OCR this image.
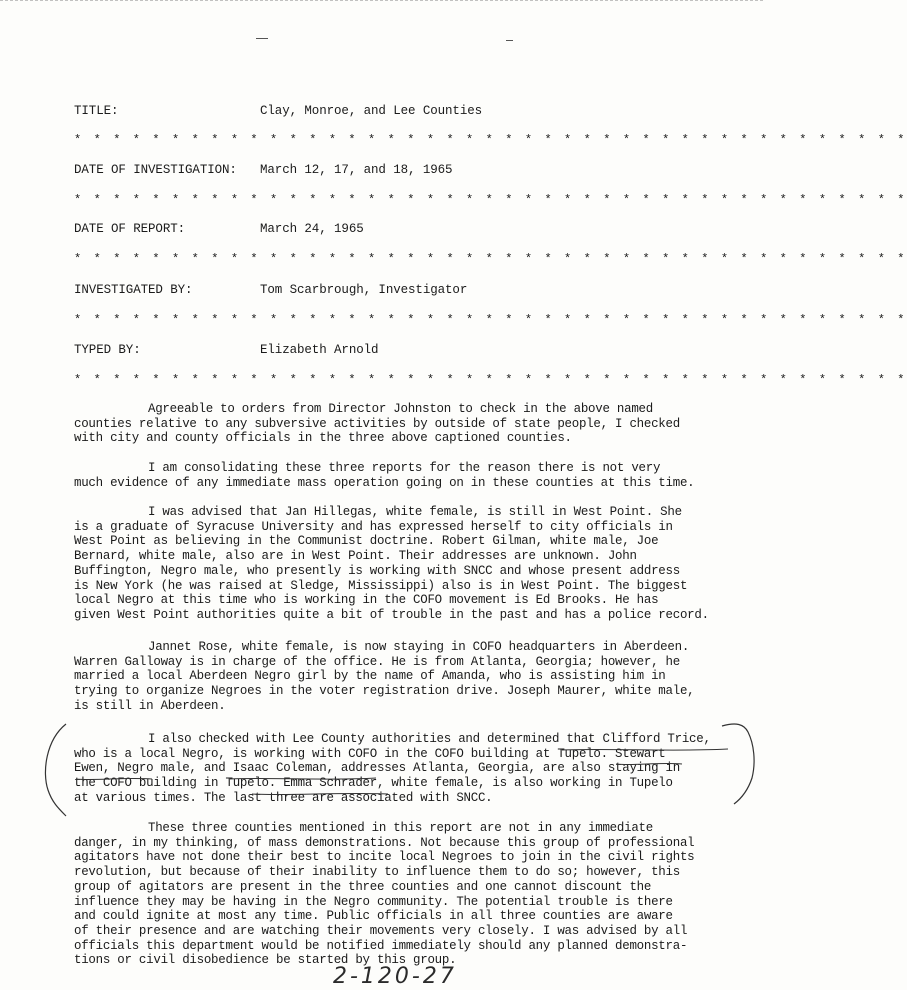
TITLE:	Clay, Monroe, and Lee Counties
* * * * * * * * * * * * * * * * * * * * * * * * * * * * * * * * * * * * * * * * * * *
DATE OF INVESTIGATION: March 12, 17, and 18, 1965
* * * * * * * * * * * * * * * * * * * * * * * * * * * * * * * * * * * * * * * * * * *
DATE OF REPORT:	March 24, 1965
* * * * * * * * * * * * * * * * * * * * * * * * * * * * * * * * * * * * * * * * * * *
INVESTIGATED BY:	Tom Scarbrough, Investigator
* * * * * * * * * * * * * * * * * * * * * * * * * * * * * * * * * * * * * * * * * * *
TYPED BY:	Elizabeth Arnold
* * * * * * * * * * * * * * * * * * * * * * * * * * * * * * * * * * * * * * * * * * *
Agreeable to orders from Director Johnston to check in the above named
counties relative to any subversive activities by outside of state people, I checked
with city and county officials in the three above captioned counties.
I am consolidating these three reports for the reason there is not very
much evidence of any immediate mass operation going on in these counties at this time.
I was advised that Jan Hillegas, white female, is still in West Point. She
is a graduate of Syracuse University and has expressed herself to city officials in
West Point as believing in the Communist doctrine. Robert Gilman, white male, Joe
Bernard, white male, also are in West Point. Their addresses are unknown. John
Buffington, Negro male, who presently is working with SNCC and whose present address
is New York (he was raised at Sledge, Mississippi) also is in West Point. The biggest
local Negro at this time who is working in the COFO movement is Ed Brooks. He has
given West Point authorities quite a bit of trouble in the past and has a police record.
Jannet Rose, white female, is now staying in COFO headquarters in Aberdeen.
Warren Galloway is in charge of the office. He is from Atlanta, Georgia; however, he
married a local Aberdeen Negro girl by the name of Amanda, who is assisting him in
trying to organize Negroes in the voter registration drive. Joseph Maurer, white male,
is still in Aberdeen.
I also checked with Lee County authorities and determined that Clifford Trice,
who is a local Negro, is working with COFO in the COFO building at Tupelo. Stewart
Ewen, Negro male, and Isaac Coleman, addresses Atlanta, Georgia, are also staying in
the COFO building in Tupelo. Emma Schrader, white female, is also working in Tupelo
at various times. The last three are associated with SNCC.
These three counties mentioned in this report are not in any immediate
danger, in my thinking, of mass demonstrations. Not because this group of professional
agitators have not done their best to incite local Negroes to join in the civil rights
revolution, but because of their inability to influence them to do so; however, this
group of agitators are present in the three counties and one cannot discount the
influence they may be having in the Negro community. The potential trouble is there
and could ignite at most any time. Public officials in all three counties are aware
of their presence and are watching their movements very closely. I was advised by all
officials this department would be notified immediately should any planned demonstra-
tions or civil disobedience be started by this group.
2-120-27
